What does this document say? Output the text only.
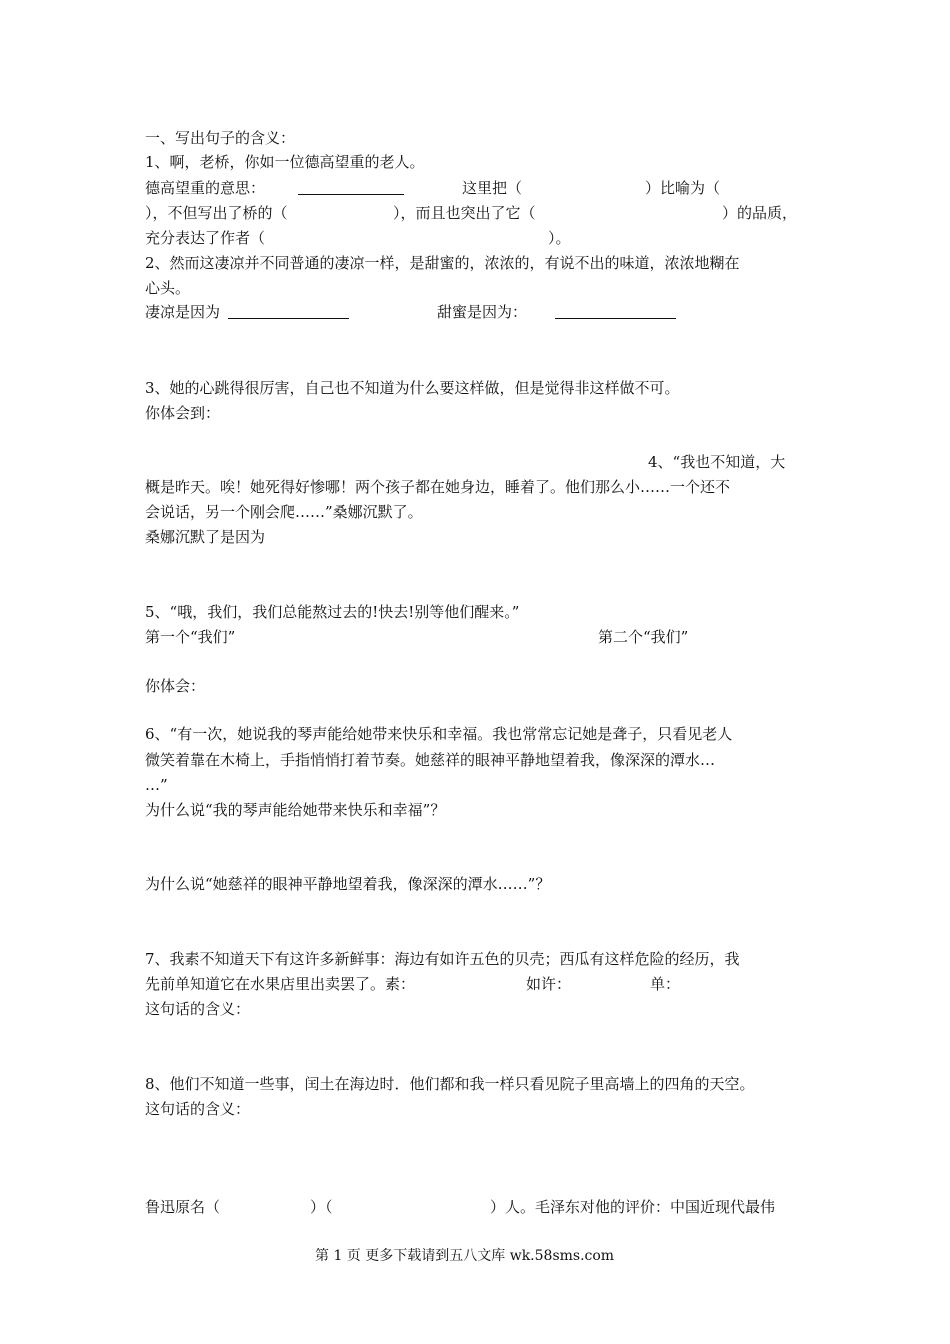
一、写出句子的含义：
1、啊，老桥，你如一位德高望重的老人。
德高望重的意思：	这里把（	）比喻为（
），不但写出了桥的（	），而且也突出了它（	）的品质，
充分表达了作者（	）。
2、然而这凄凉并不同普通的凄凉一样，是甜蜜的，浓浓的，有说不出的味道，浓浓地糊在
心头。
凄凉是因为	甜蜜是因为：
3、她的心跳得很厉害，自己也不知道为什么要这样做，但是觉得非这样做不可。
你体会到：
4、“我也不知道，大
概是昨天。唉！她死得好惨哪！两个孩子都在她身边，睡着了。他们那么小……一个还不
会说话，另一个刚会爬……”桑娜沉默了。
桑娜沉默了是因为
5、“哦，我们，我们总能熬过去的!快去!别等他们醒来。”
第一个“我们”	第二个“我们”
你体会：
6、“有一次，她说我的琴声能给她带来快乐和幸福。我也常常忘记她是聋子，只看见老人
微笑着靠在木椅上，手指悄悄打着节奏。她慈祥的眼神平静地望着我，像深深的潭水…
…”
为什么说“我的琴声能给她带来快乐和幸福”？
为什么说“她慈祥的眼神平静地望着我，像深深的潭水……”？
7、我素不知道天下有这许多新鲜事：海边有如许五色的贝壳；西瓜有这样危险的经历，我
先前单知道它在水果店里出卖罢了。素：	如许：	单：
这句话的含义：
8、他们不知道一些事，闰土在海边时．他们都和我一样只看见院子里高墙上的四角的天空。
这句话的含义：
鲁迅原名（	）（	）人。毛泽东对他的评价：中国近现代最伟
第 1 页 更多下载请到五八文库 wk.58sms.com
